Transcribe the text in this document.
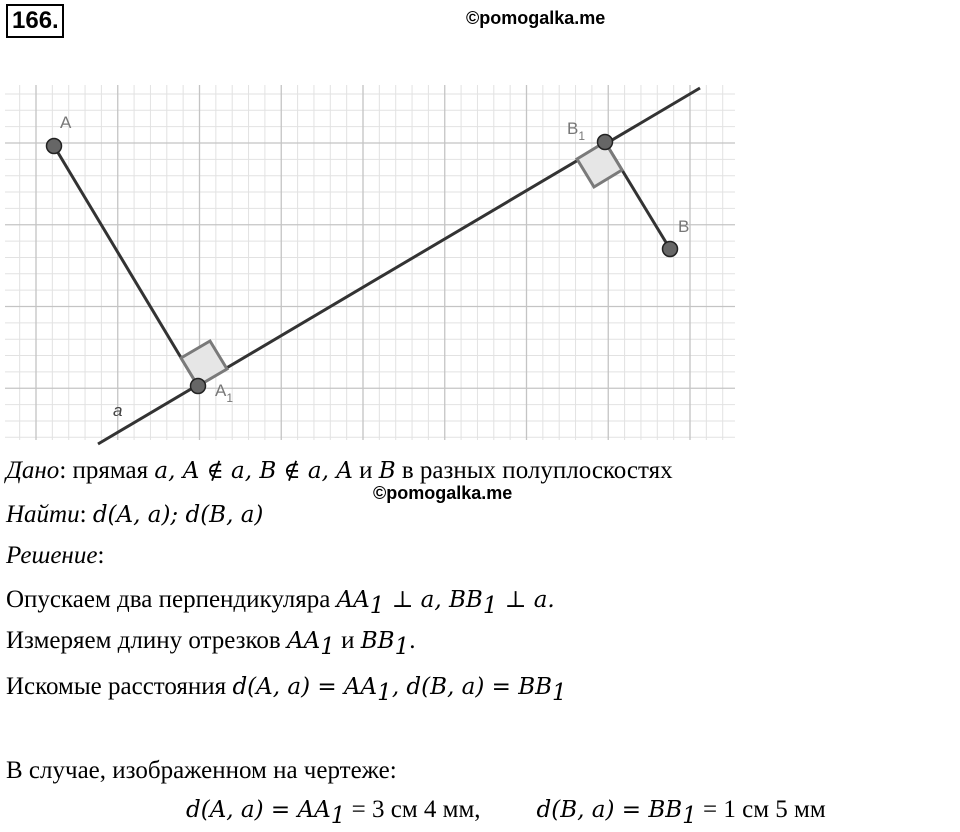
166.	©pomogalka.me
A
$A_1$
$B_1$
B
a
Дано: прямая a, A ∉ a, B ∉ a, A и B в разных полуплоскостях
©pomogalka.me
Найти: d(A, a); d(B, a)
Решение:
Опускаем два перпендикуляра $AA_1$ ⊥ a, $BB_1$ ⊥ a.
Измеряем длину отрезков $AA_1$ и $BB_1$.
Искомые расстояния d(A, $a) = AA_1$, d(B, $a) = BB_1$
В случае, изображенном на чертеже:
d(A, $a) = AA_1 = 3$ см 4 мм, d(B, $a) = BB_1 = 1$ см 5 мм
